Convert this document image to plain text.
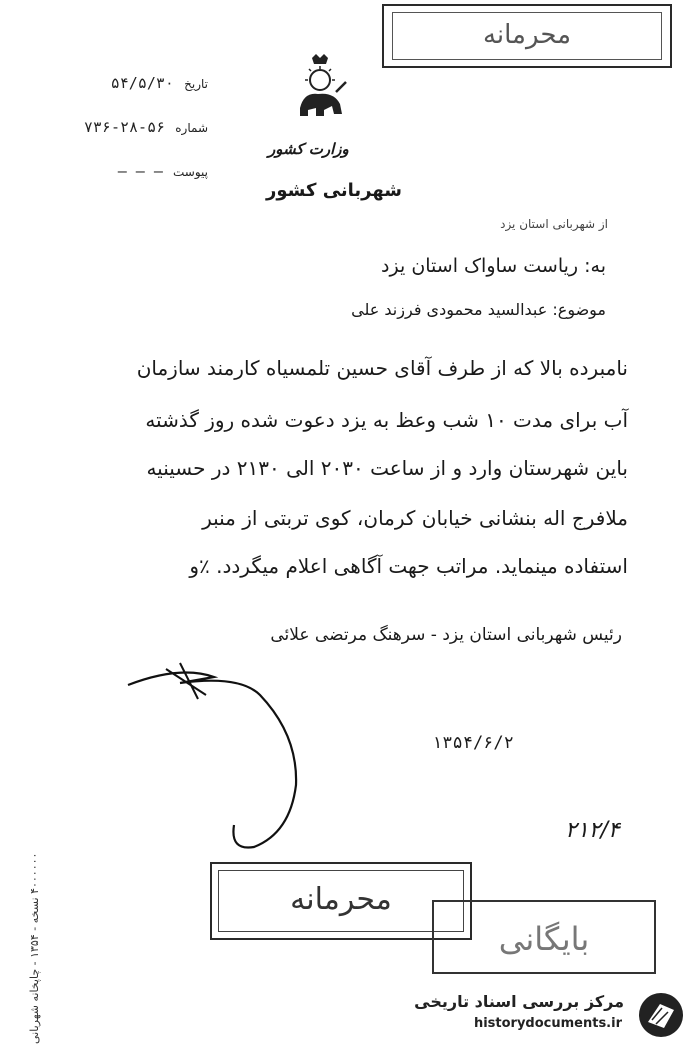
محرمانه
تاریخ ۵۴/۵/۳۰
شماره ۵۶-۲۸-۷۳۶
پیوست — — —
وزارت کشور
شهربانی کشور
از شهربانی استان یزد
به: ریاست ساواک استان یزد
موضوع: عبدالسید محمودی فرزند علی
نامبرده بالا که از طرف آقای حسین تلمسیاه کارمند سازمان
آب برای مدت ۱۰ شب وعظ به یزد دعوت شده روز گذشته
باین شهرستان وارد و از ساعت ۲۰۳۰ الی ۲۱۳۰ در حسینیه
ملافرج اله بنشانی خیابان کرمان، کوی تربتی از منبر
استفاده مینماید. مراتب جهت آگاهی اعلام میگردد. ٪و
رئیس شهربانی استان یزد - سرهنگ مرتضی علائی
۱۳۵۴/۶/۲
۲۱۲/۴
محرمانه
بایگانی
۴۰۰۰۰۰۰ نسخه - ۱۳۵۴ - چاپخانه شهربانی
مرکز بررسی اسناد تاریخی
historydocuments.ir
